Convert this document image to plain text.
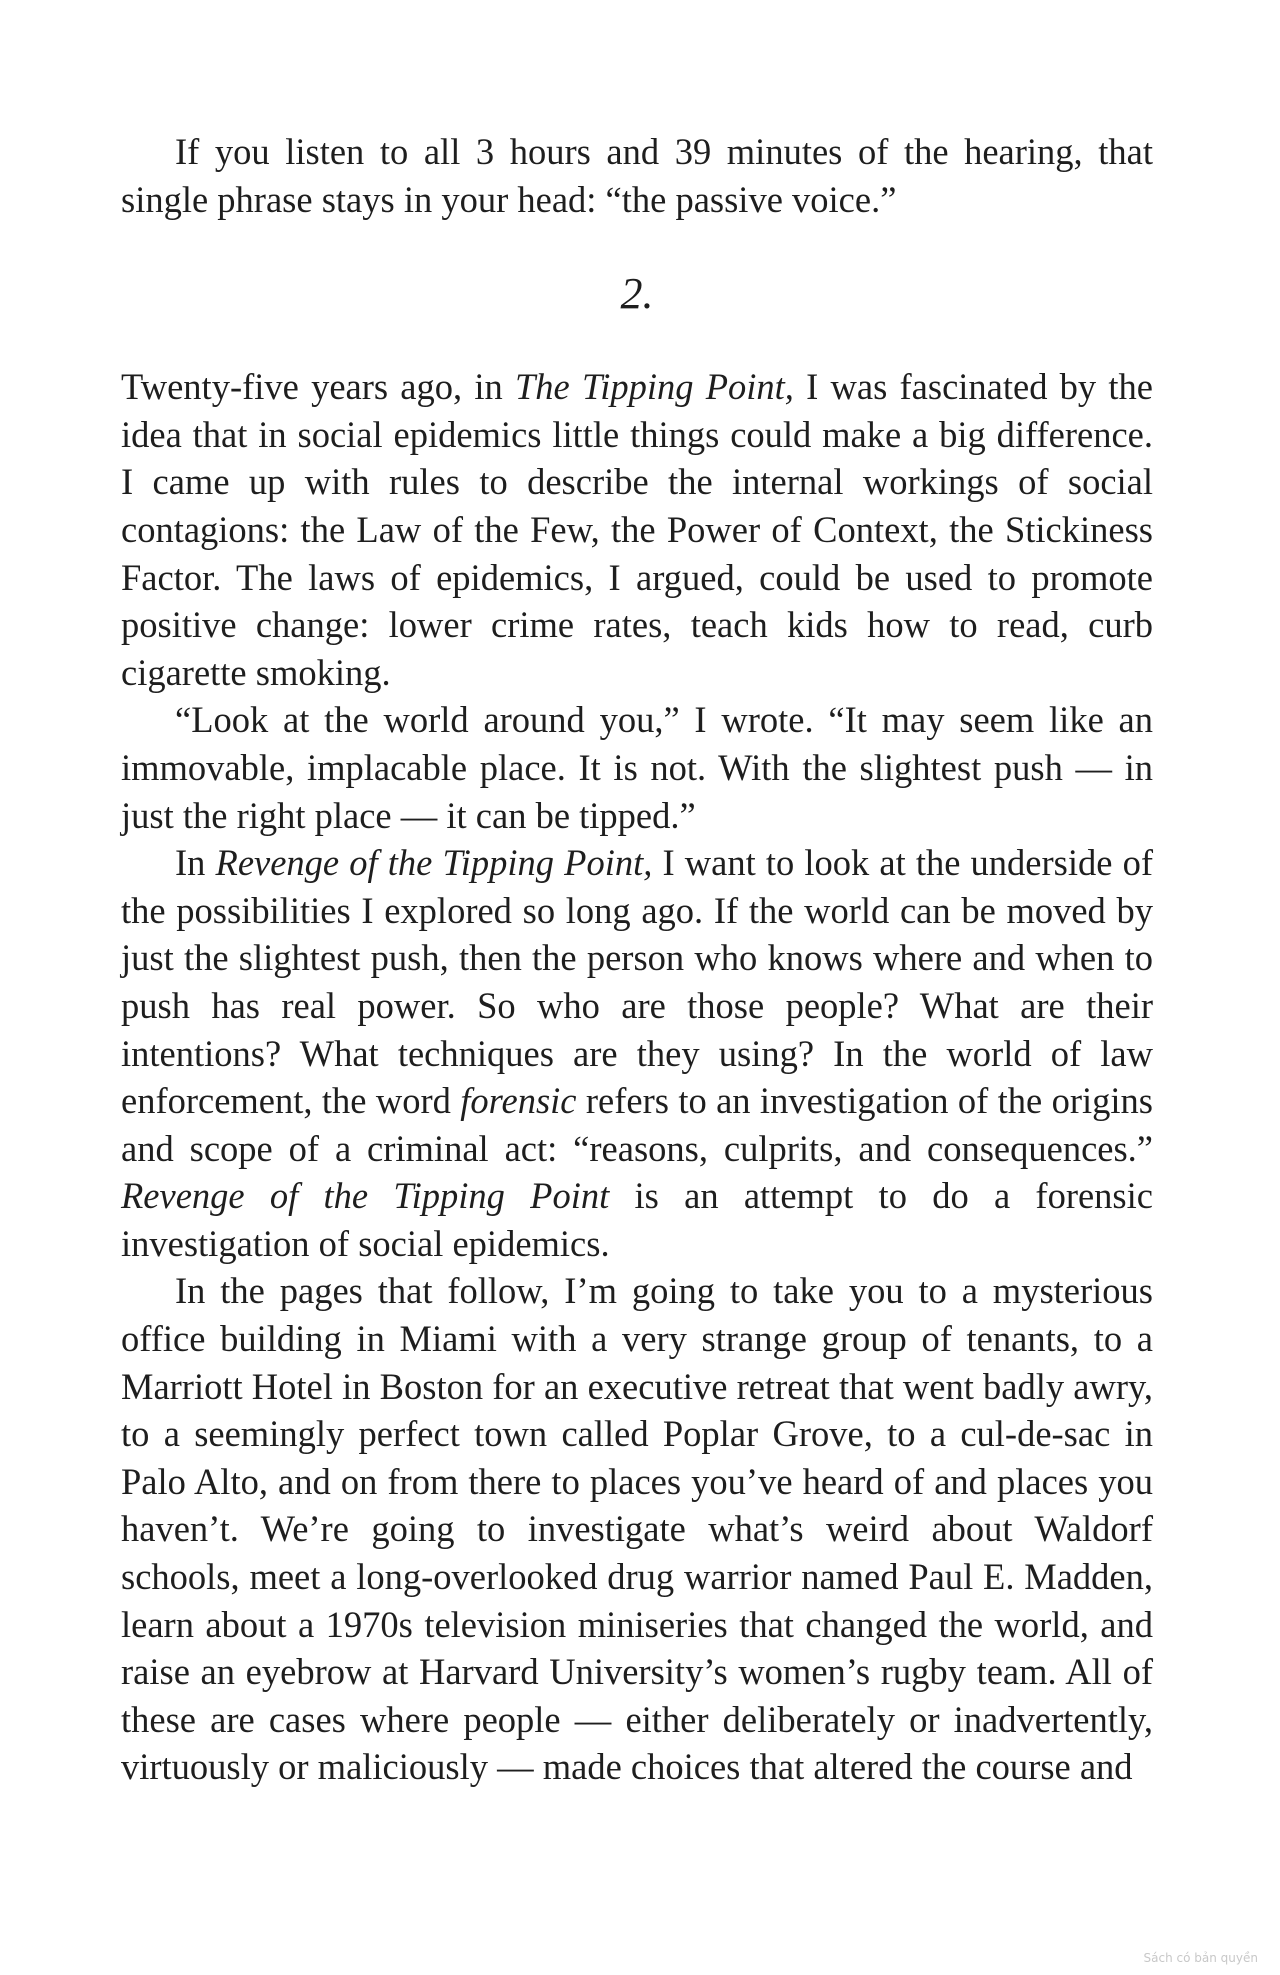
If you listen to all 3 hours and 39 minutes of the hearing, that single phrase stays in your head: “the passive voice.”

2.

Twenty-five years ago, in The Tipping Point, I was fascinated by the idea that in social epidemics little things could make a big difference. I came up with rules to describe the internal workings of social contagions: the Law of the Few, the Power of Context, the Stickiness Factor. The laws of epidemics, I argued, could be used to promote positive change: lower crime rates, teach kids how to read, curb cigarette smoking.

“Look at the world around you,” I wrote. “It may seem like an immovable, implacable place. It is not. With the slightest push — in just the right place — it can be tipped.”

In Revenge of the Tipping Point, I want to look at the underside of the possibilities I explored so long ago. If the world can be moved by just the slightest push, then the person who knows where and when to push has real power. So who are those people? What are their intentions? What techniques are they using? In the world of law enforcement, the word forensic refers to an investigation of the origins and scope of a criminal act: “reasons, culprits, and consequences.” Revenge of the Tipping Point is an attempt to do a forensic investigation of social epidemics.

In the pages that follow, I’m going to take you to a mysterious office building in Miami with a very strange group of tenants, to a Marriott Hotel in Boston for an executive retreat that went badly awry, to a seemingly perfect town called Poplar Grove, to a cul-de-sac in Palo Alto, and on from there to places you’ve heard of and places you haven’t. We’re going to investigate what’s weird about Waldorf schools, meet a long-overlooked drug warrior named Paul E. Madden, learn about a 1970s television miniseries that changed the world, and raise an eyebrow at Harvard University’s women’s rugby team. All of these are cases where people — either deliberately or inadvertently, virtuously or maliciously — made choices that altered the course and

Sách có bản quyền
